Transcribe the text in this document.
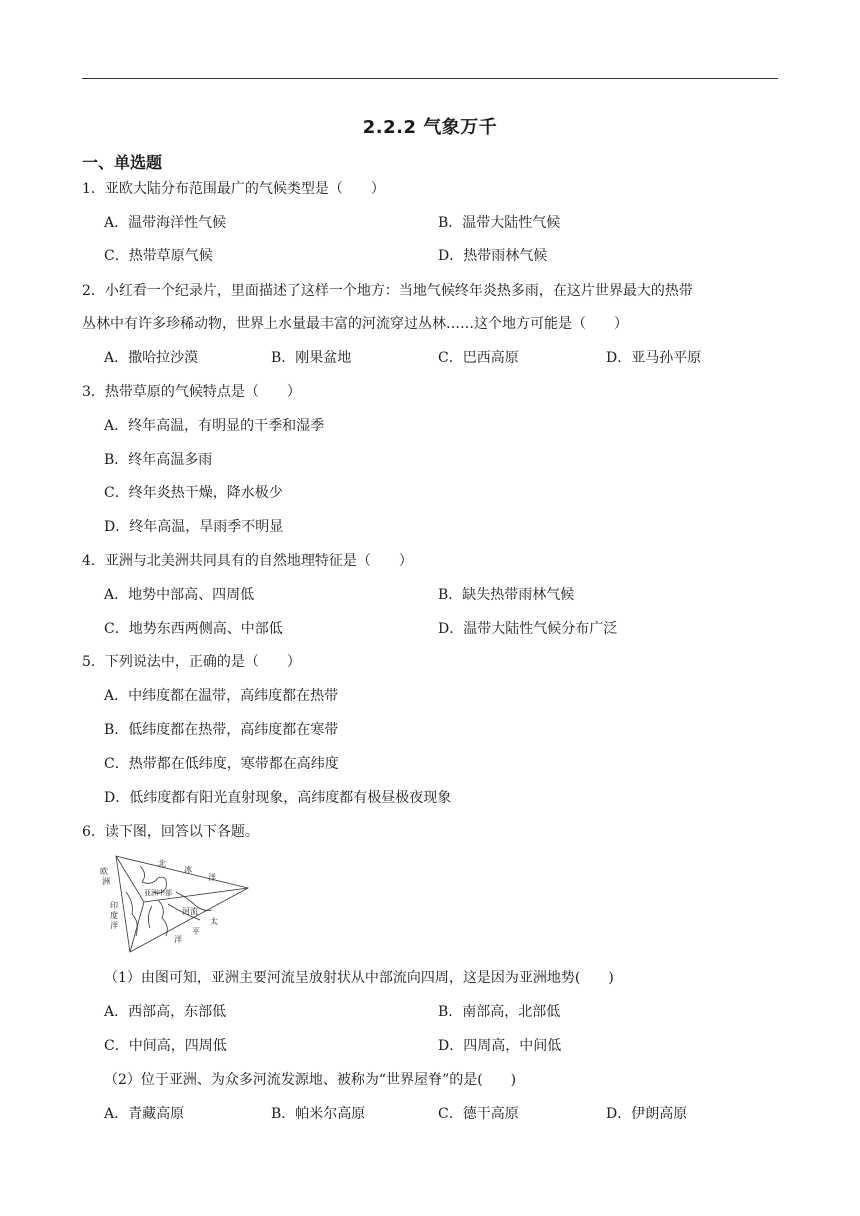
2.2.2 气象万千
一、单选题
1．亚欧大陆分布范围最广的气候类型是（　　）
A．温带海洋性气候	B．温带大陆性气候
C．热带草原气候	D．热带雨林气候
2．小红看一个纪录片，里面描述了这样一个地方：当地气候终年炎热多雨，在这片世界最大的热带
丛林中有许多珍稀动物，世界上水量最丰富的河流穿过丛林……这个地方可能是（　　）
A．撒哈拉沙漠	B．刚果盆地	C．巴西高原	D．亚马孙平原
3．热带草原的气候特点是（　　）
A．终年高温，有明显的干季和湿季
B．终年高温多雨
C．终年炎热干燥，降水极少
D．终年高温，旱雨季不明显
4．亚洲与北美洲共同具有的自然地理特征是（　　）
A．地势中部高、四周低	B．缺失热带雨林气候
C．地势东西两侧高、中部低	D．温带大陆性气候分布广泛
5．下列说法中，正确的是（　　）
A．中纬度都在温带，高纬度都在热带
B．低纬度都在热带，高纬度都在寒带
C．热带都在低纬度，寒带都在高纬度
D．低纬度都有阳光直射现象，高纬度都有极昼极夜现象
6．读下图，回答以下各题。
北
冰
洋
欧
洲
亚洲中部
印
度
洋
河流
太
平
洋
（1）由图可知，亚洲主要河流呈放射状从中部流向四周，这是因为亚洲地势(　　)
A．西部高，东部低	B．南部高，北部低
C．中间高，四周低	D．四周高，中间低
（2）位于亚洲、为众多河流发源地、被称为“世界屋脊”的是(　　)
A．青藏高原	B．帕米尔高原	C．德干高原	D．伊朗高原
